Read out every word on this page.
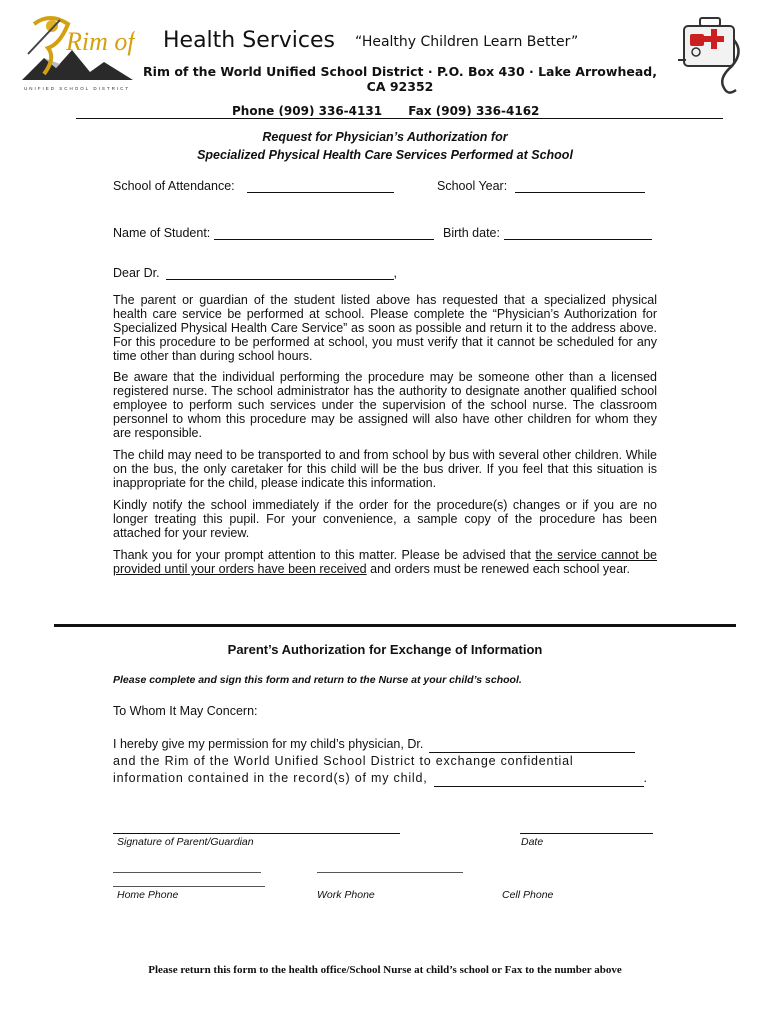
Rim of
UNIFIED SCHOOL DISTRICT
Health Services “Healthy Children Learn Better”
Rim of the World Unified School District · P.O. Box 430 · Lake Arrowhead,
CA 92352
Phone (909) 336-4131 Fax (909) 336-4162
Request for Physician’s Authorization for
Specialized Physical Health Care Services Performed at School
School of Attendance:	School Year:
Name of Student:	Birth date:
Dear Dr.	,
The parent or guardian of the student listed above has requested that a specialized physical health care service be performed at school. Please complete the “Physician’s Authorization for Specialized Physical Health Care Service” as soon as possible and return it to the address above. For this procedure to be performed at school, you must verify that it cannot be scheduled for any time other than during school hours.
Be aware that the individual performing the procedure may be someone other than a licensed registered nurse. The school administrator has the authority to designate another qualified school employee to perform such services under the supervision of the school nurse. The classroom personnel to whom this procedure may be assigned will also have other children for whom they are responsible.
The child may need to be transported to and from school by bus with several other children. While on the bus, the only caretaker for this child will be the bus driver. If you feel that this situation is inappropriate for the child, please indicate this information.
Kindly notify the school immediately if the order for the procedure(s) changes or if you are no longer treating this pupil. For your convenience, a sample copy of the procedure has been attached for your review.
Thank you for your prompt attention to this matter. Please be advised that the service cannot be provided until your orders have been received and orders must be renewed each school year.
Parent’s Authorization for Exchange of Information
Please complete and sign this form and return to the Nurse at your child’s school.
To Whom It May Concern:
I hereby give my permission for my child’s physician, Dr.
and the Rim of the World Unified School District to exchange confidential
information contained in the record(s) of my child,	.
Signature of Parent/Guardian	Date
Home Phone	Work Phone	Cell Phone
Please return this form to the health office/School Nurse at child’s school or Fax to the number above
